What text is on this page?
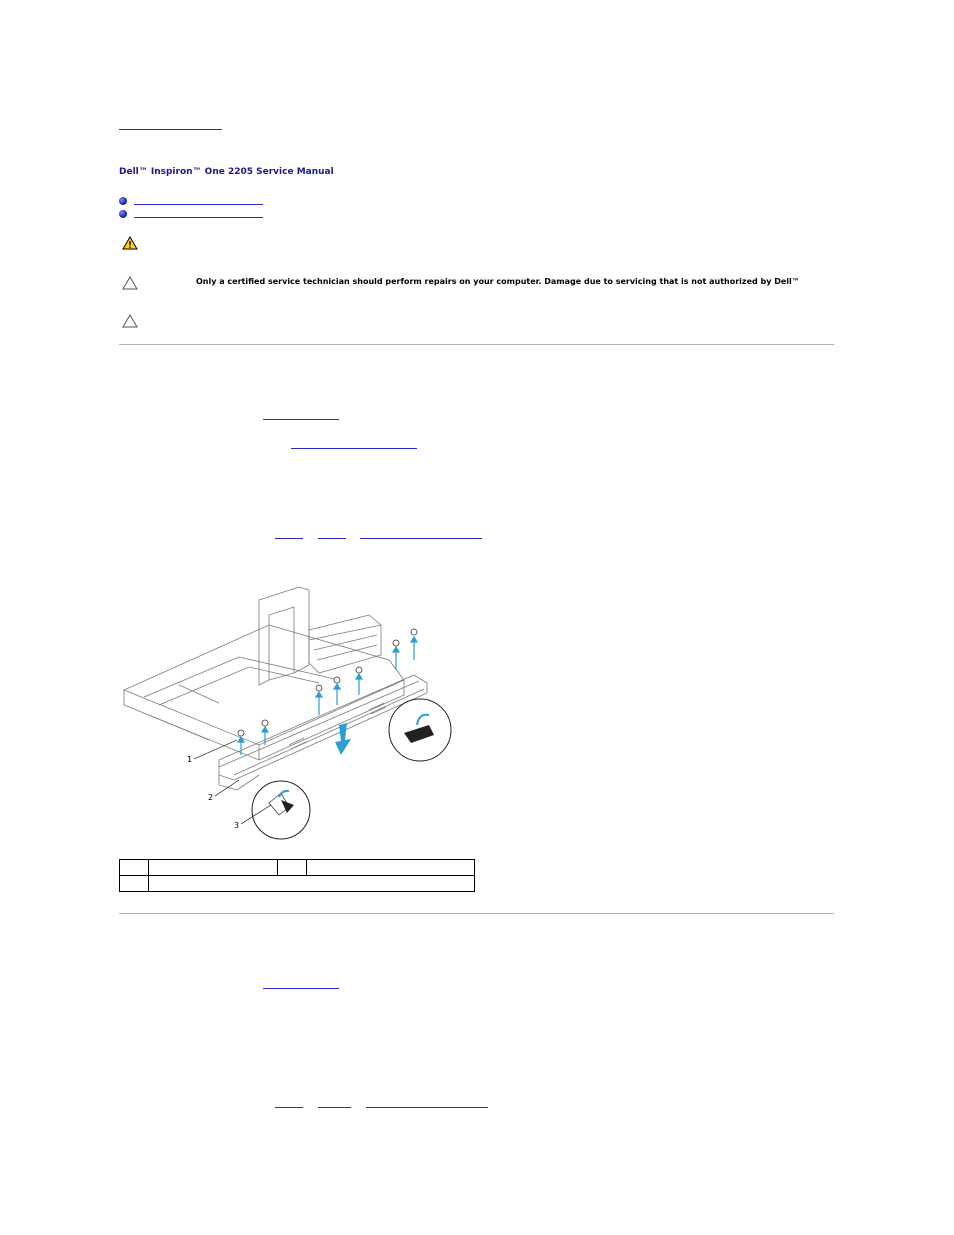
Dell™ Inspiron™ One 2205 Service Manual
Only a certified service technician should perform repairs on your computer. Damage due to servicing that is not authorized by Dell™
1
2
3
